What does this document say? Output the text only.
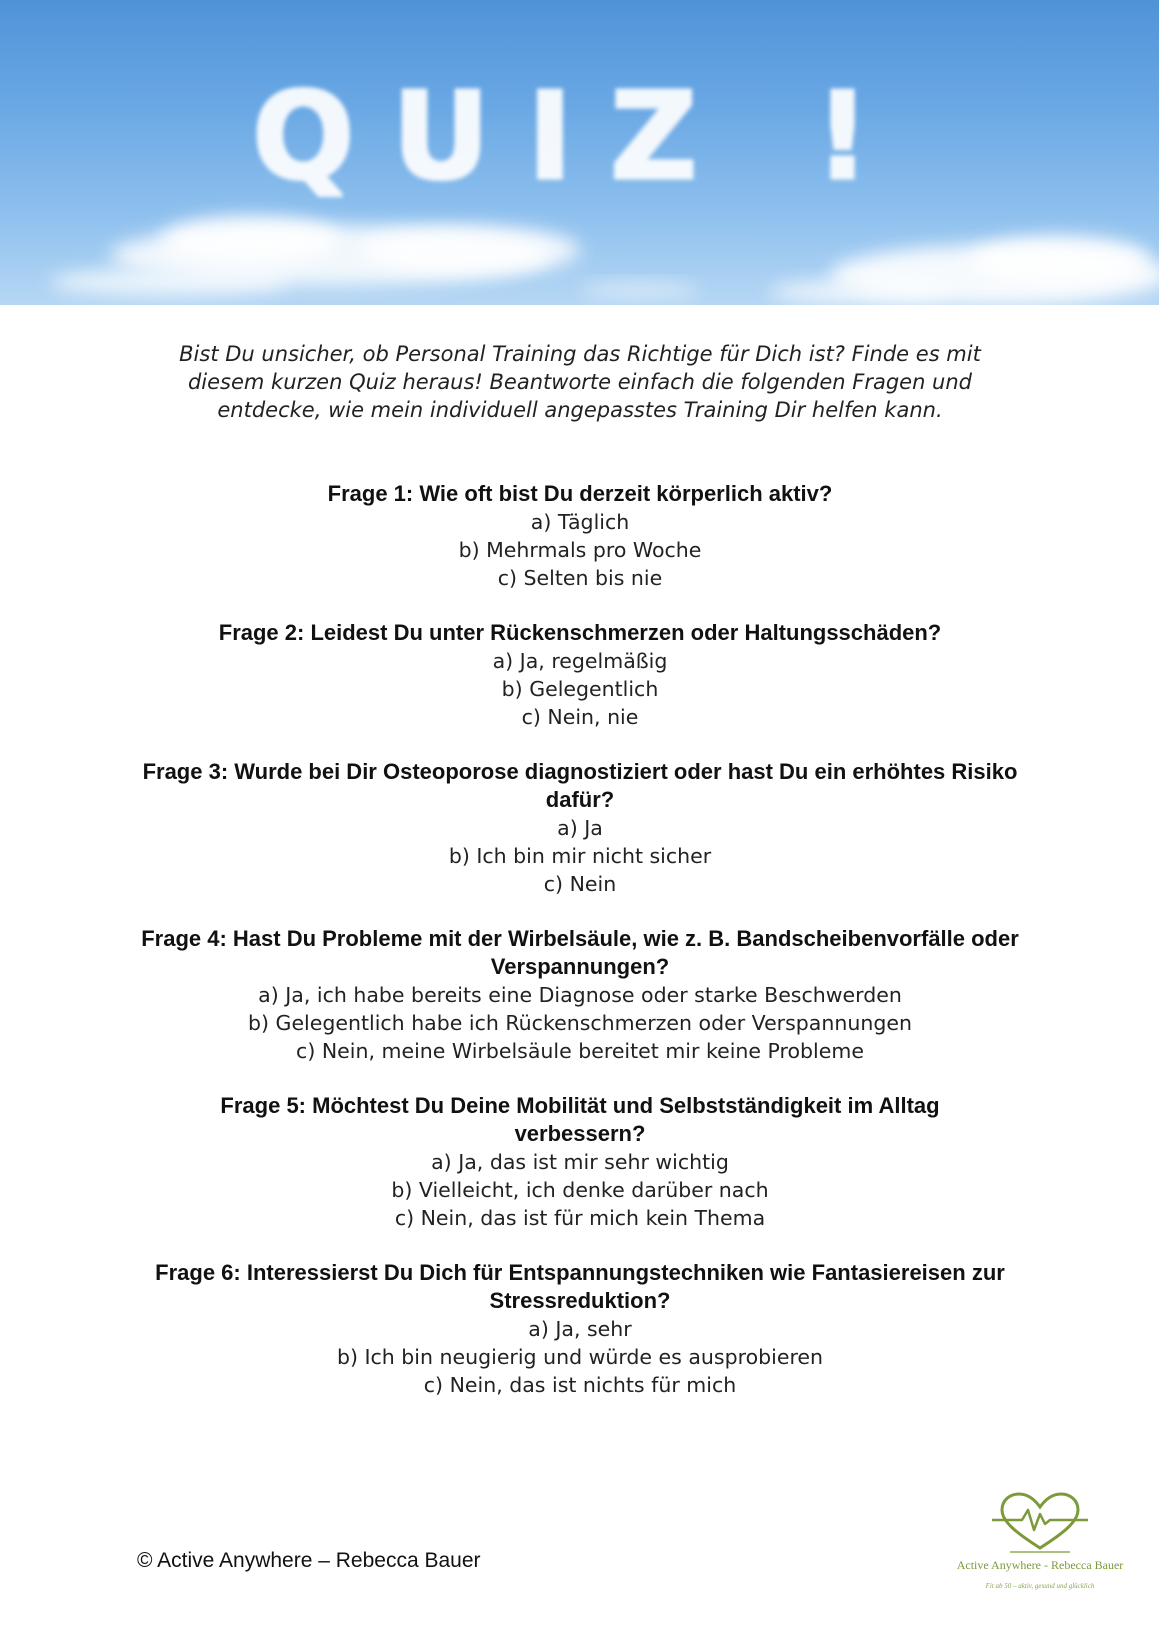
QUIZ !
Bist Du unsicher, ob Personal Training das Richtige für Dich ist? Finde es mit diesem kurzen Quiz heraus! Beantworte einfach die folgenden Fragen und entdecke, wie mein individuell angepasstes Training Dir helfen kann.
Frage 1: Wie oft bist Du derzeit körperlich aktiv?
a) Täglich
b) Mehrmals pro Woche
c) Selten bis nie
Frage 2: Leidest Du unter Rückenschmerzen oder Haltungsschäden?
a) Ja, regelmäßig
b) Gelegentlich
c) Nein, nie
Frage 3: Wurde bei Dir Osteoporose diagnostiziert oder hast Du ein erhöhtes Risiko dafür?
a) Ja
b) Ich bin mir nicht sicher
c) Nein
Frage 4: Hast Du Probleme mit der Wirbelsäule, wie z. B. Bandscheibenvorfälle oder Verspannungen?
a) Ja, ich habe bereits eine Diagnose oder starke Beschwerden
b) Gelegentlich habe ich Rückenschmerzen oder Verspannungen
c) Nein, meine Wirbelsäule bereitet mir keine Probleme
Frage 5: Möchtest Du Deine Mobilität und Selbstständigkeit im Alltag verbessern?
a) Ja, das ist mir sehr wichtig
b) Vielleicht, ich denke darüber nach
c) Nein, das ist für mich kein Thema
Frage 6: Interessierst Du Dich für Entspannungstechniken wie Fantasiereisen zur Stressreduktion?
a) Ja, sehr
b) Ich bin neugierig und würde es ausprobieren
c) Nein, das ist nichts für mich
© Active Anywhere – Rebecca Bauer	Active Anywhere - Rebecca Bauer
Fit ab 50 – aktiv, gesund und glücklich
